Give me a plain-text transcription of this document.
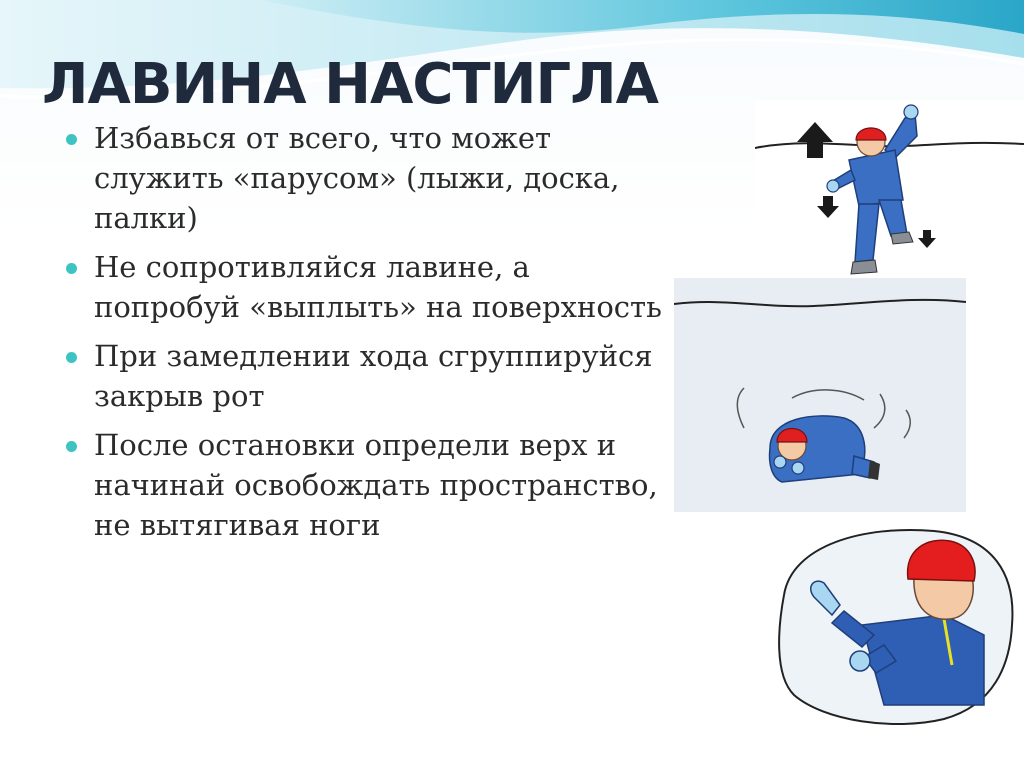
ЛАВИНА НАСТИГЛА
Избавься от всего, что может служить «парусом» (лыжи, доска, палки)
Не сопротивляйся лавине, а попробуй «выплыть» на поверхность
При замедлении хода сгруппируйся закрыв рот
После остановки определи верх и начинай освобождать пространство, не вытягивая ноги
